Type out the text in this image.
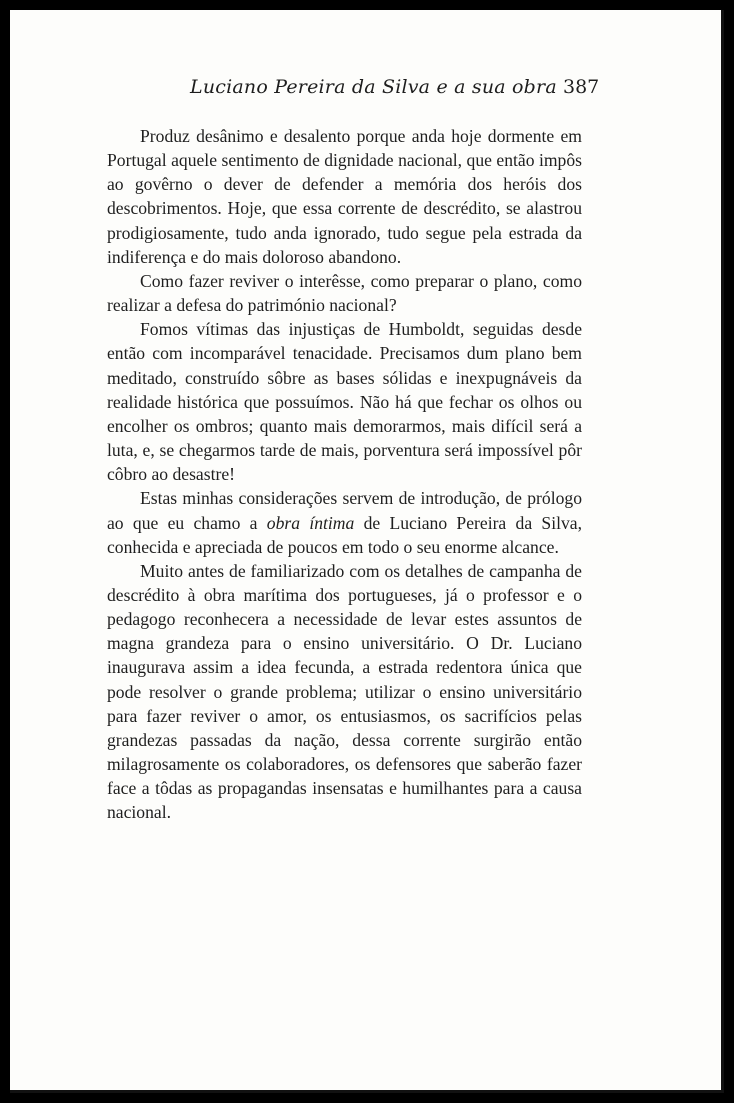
Luciano Pereira da Silva e a sua obra 387

Produz desânimo e desalento porque anda hoje dormente em Portugal aquele sentimento de dignidade nacional, que então impôs ao govêrno o dever de defender a memória dos heróis dos descobrimentos. Hoje, que essa corrente de descrédito, se alastrou prodigiosamente, tudo anda ignorado, tudo segue pela estrada da indiferença e do mais doloroso abandono.

Como fazer reviver o interêsse, como preparar o plano, como realizar a defesa do património nacional?

Fomos vítimas das injustiças de Humboldt, seguidas desde então com incomparável tenacidade. Precisamos dum plano bem meditado, construído sôbre as bases sólidas e inexpugnáveis da realidade histórica que possuímos. Não há que fechar os olhos ou encolher os ombros; quanto mais demorarmos, mais difícil será a luta, e, se chegarmos tarde de mais, porventura será impossível pôr côbro ao desastre!

Estas minhas considerações servem de introdução, de prólogo ao que eu chamo a obra íntima de Luciano Pereira da Silva, conhecida e apreciada de poucos em todo o seu enorme alcance.

Muito antes de familiarizado com os detalhes de campanha de descrédito à obra marítima dos portugueses, já o professor e o pedagogo reconhecera a necessidade de levar estes assuntos de magna grandeza para o ensino universitário. O Dr. Luciano inaugurava assim a idea fecunda, a estrada redentora única que pode resolver o grande problema; utilizar o ensino universitário para fazer reviver o amor, os entusiasmos, os sacrifícios pelas grandezas passadas da nação, dessa corrente surgirão então milagrosamente os colaboradores, os defensores que saberão fazer face a tôdas as propagandas insensatas e humilhantes para a causa nacional.
